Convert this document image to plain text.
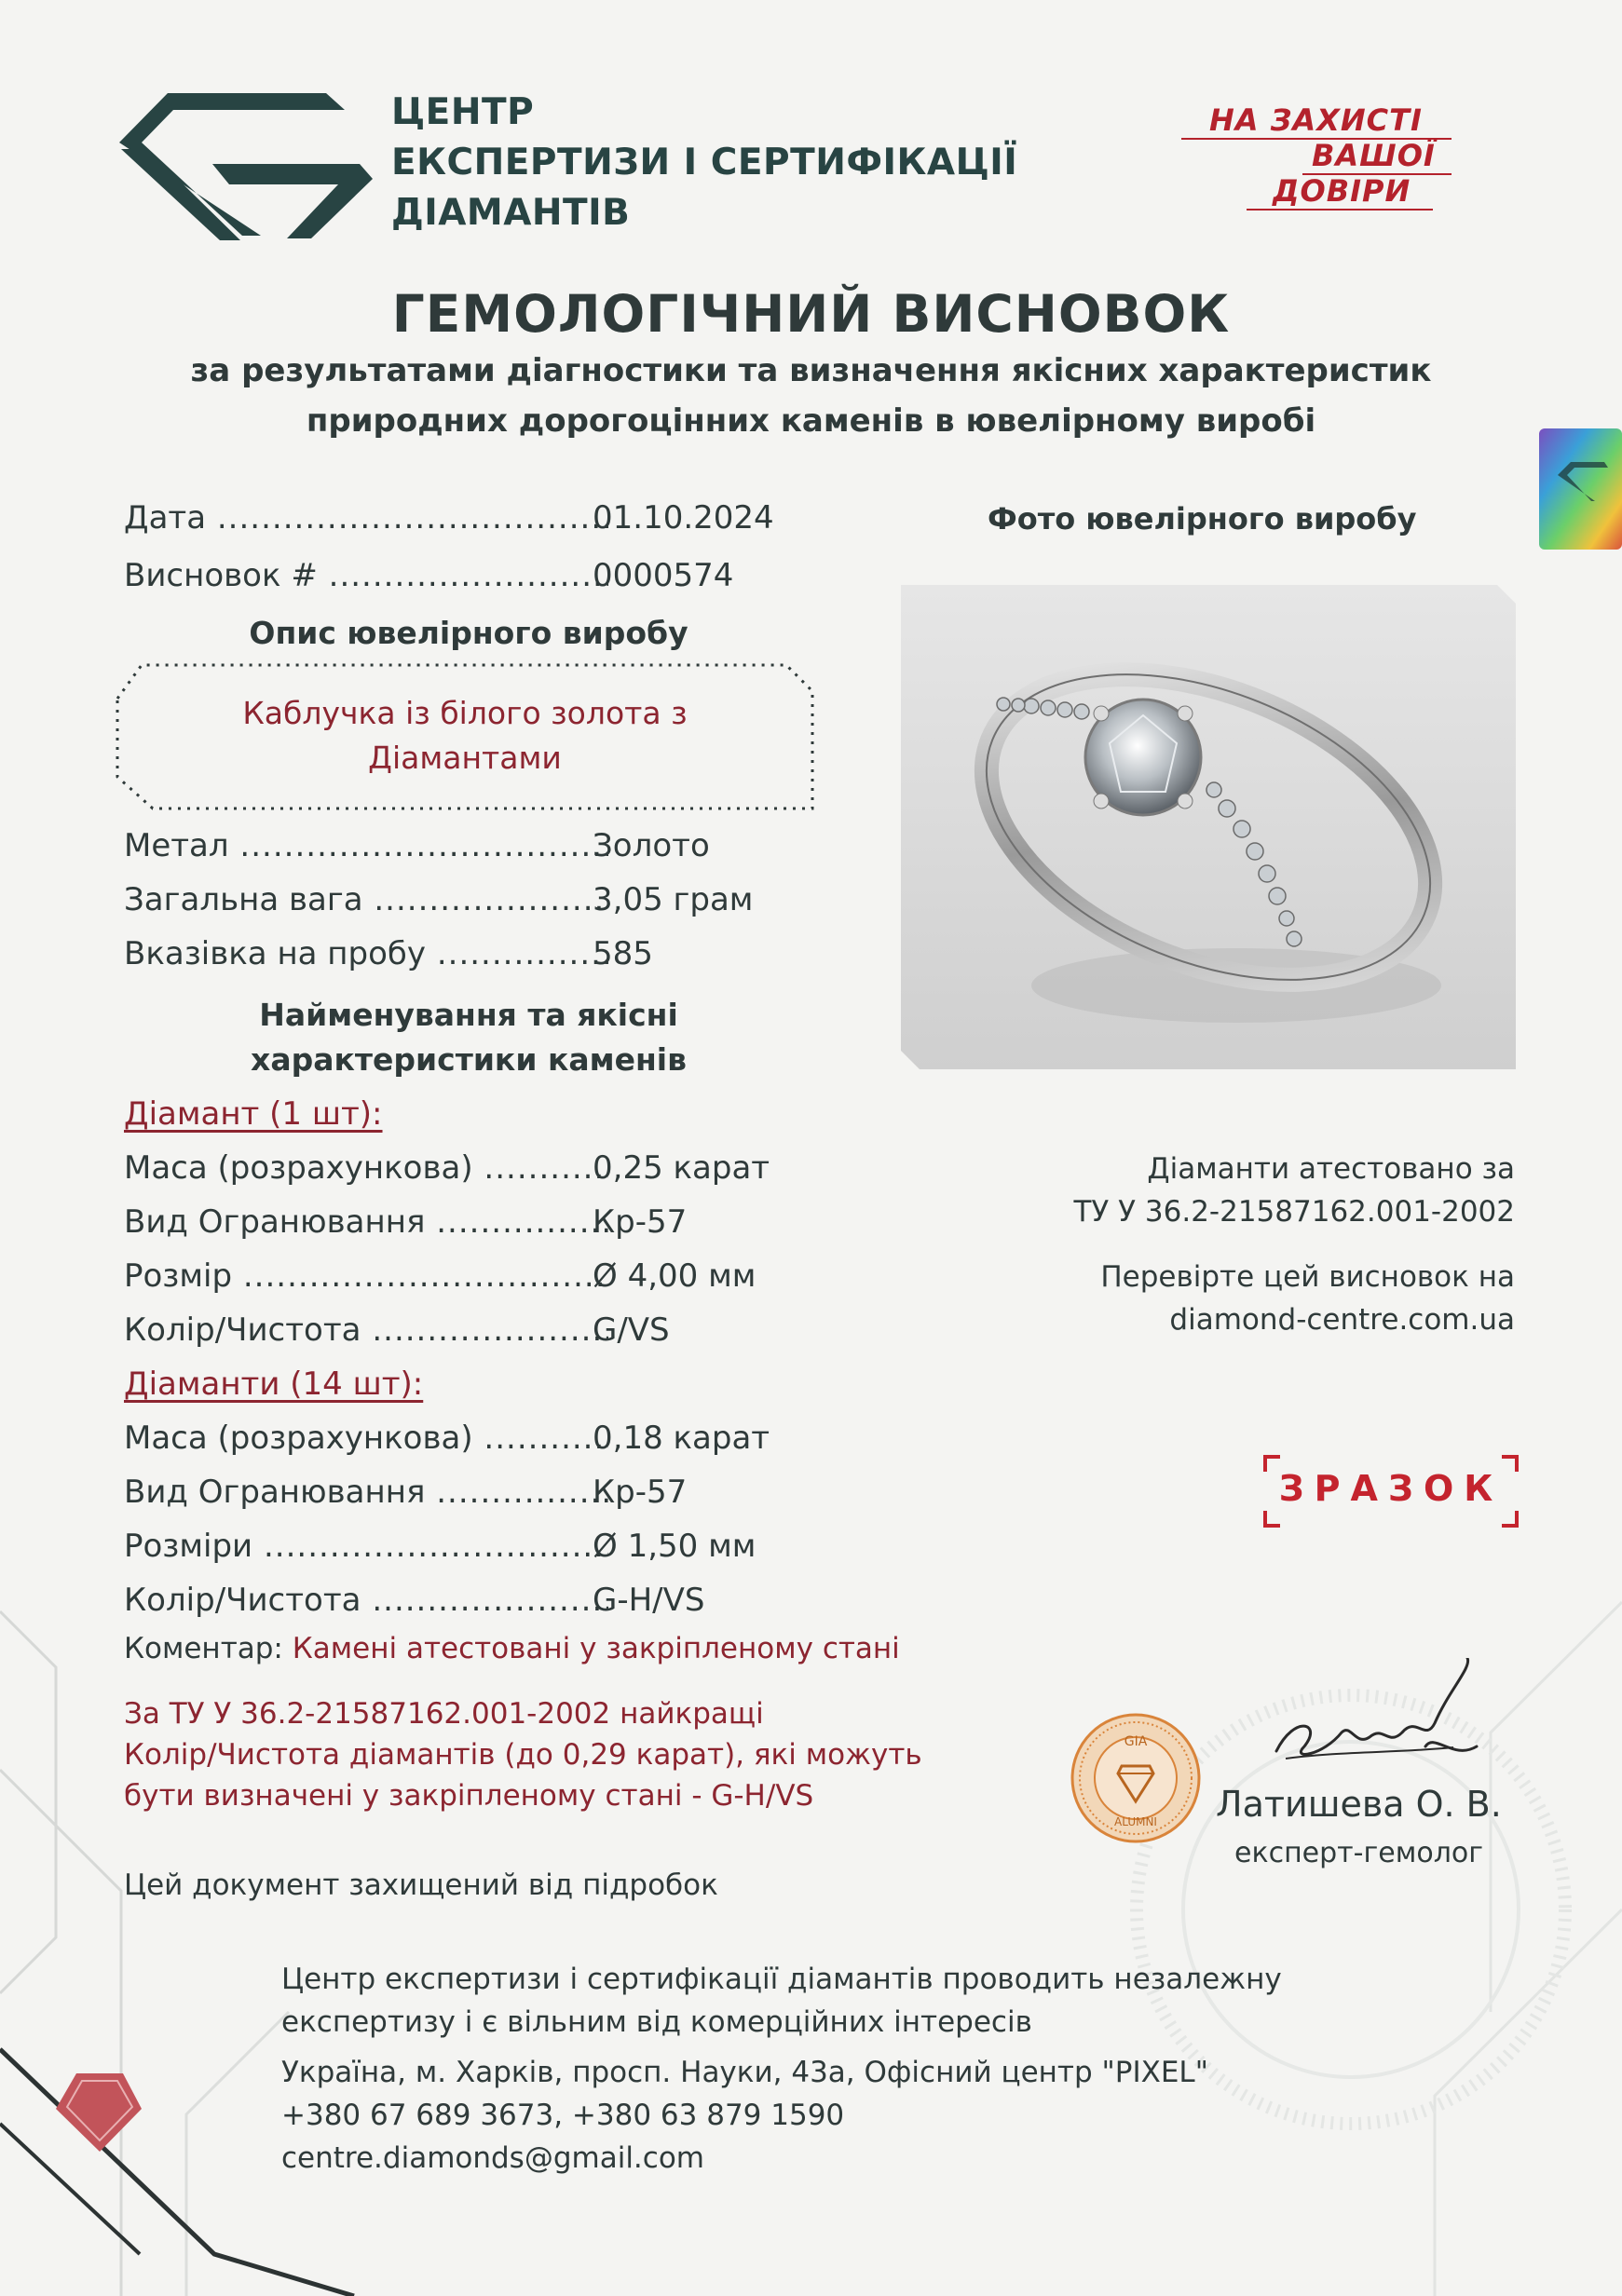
ЦЕНТР
ЕКСПЕРТИЗИ І СЕРТИФІКАЦІЇ
ДІАМАНТІВ
НА ЗАХИСТІ
ВАШОЇ
ДОВІРИ
ГЕМОЛОГІЧНИЙ ВИСНОВОК
за результатами діагностики та визначення якісних характеристик
природних дорогоцінних каменів в ювелірному виробі
Дата .....	01.10.2024
Висновок # .....	0000574
Опис ювелірного виробу
Каблучка із білого золота з
Діамантами
Метал .....	Золото
Загальна вага .....	3,05 грам
Вказівка на пробу .....	585
Найменування та якісні
характеристики каменів
Діамант (1 шт):
Маса (розрахункова) .....	0,25 карат
Вид Огранювання .....	Кр-57
Розмір .....	Ø 4,00 мм
Колір/Чистота .....	G/VS
Діаманти (14 шт):
Маса (розрахункова) .....	0,18 карат
Вид Огранювання .....	Кр-57
Розміри .....	Ø 1,50 мм
Колір/Чистота .....	G-H/VS
Коментар: Камені атестовані у закріпленому стані
За ТУ У 36.2-21587162.001-2002 найкращі
Колір/Чистота діамантів (до 0,29 карат), які можуть
бути визначені у закріпленому стані - G-H/VS
Цей документ захищений від підробок
Центр експертизи і сертифікації діамантів проводить незалежну
експертизу і є вільним від комерційних інтересів
Україна, м. Харків, просп. Науки, 43а, Офісний центр "PIXEL"
+380 67 689 3673, +380 63 879 1590
centre.diamonds@gmail.com
Фото ювелірного виробу
Діаманти атестовано за
ТУ У 36.2-21587162.001-2002
Перевірте цей висновок на
diamond-centre.com.ua
ЗРАЗОК
GIA
ALUMNI Латишева О. В.
експерт-гемолог
